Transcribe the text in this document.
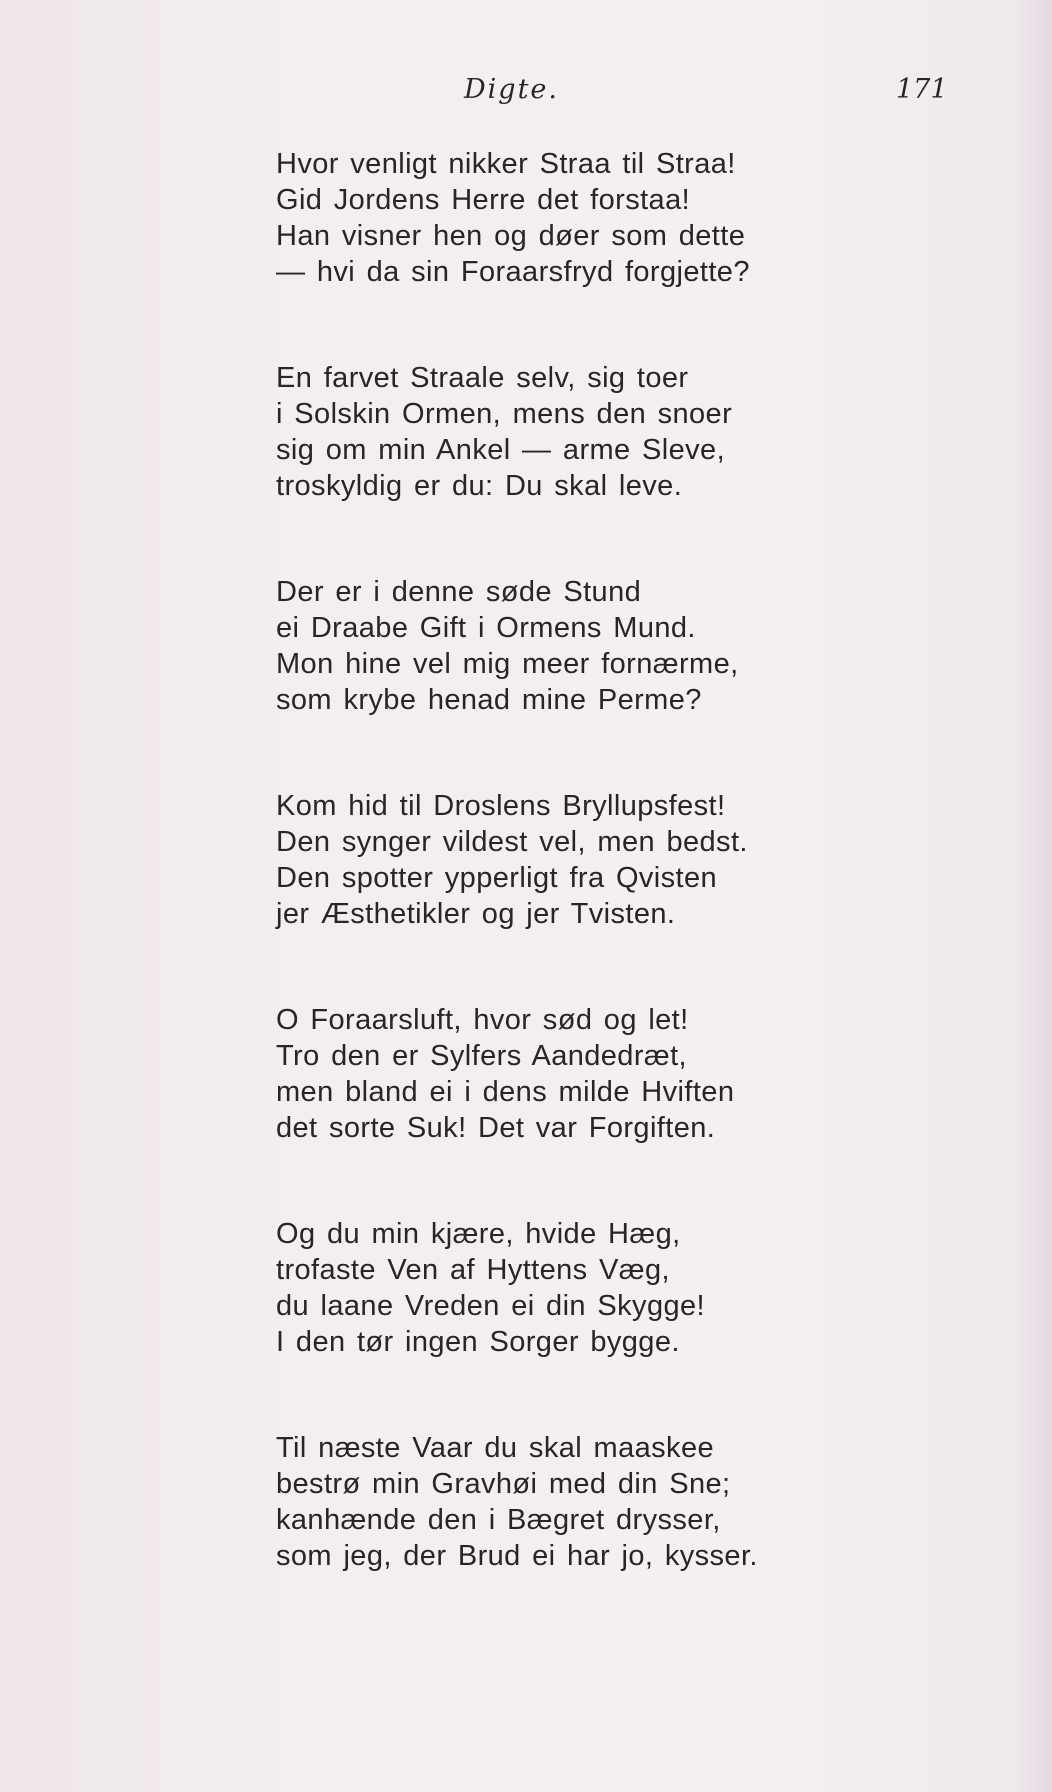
Digte.	171
Hvor venligt nikker Straa til Straa!
Gid Jordens Herre det forstaa!
Han visner hen og døer som dette
— hvi da sin Foraarsfryd forgjette?
En farvet Straale selv, sig toer
i Solskin Ormen, mens den snoer
sig om min Ankel — arme Sleve,
troskyldig er du: Du skal leve.
Der er i denne søde Stund
ei Draabe Gift i Ormens Mund.
Mon hine vel mig meer fornærme,
som krybe henad mine Perme?
Kom hid til Droslens Bryllupsfest!
Den synger vildest vel, men bedst.
Den spotter ypperligt fra Qvisten
jer Æsthetikler og jer Tvisten.
O Foraarsluft, hvor sød og let!
Tro den er Sylfers Aandedræt,
men bland ei i dens milde Hviften
det sorte Suk! Det var Forgiften.
Og du min kjære, hvide Hæg,
trofaste Ven af Hyttens Væg,
du laane Vreden ei din Skygge!
I den tør ingen Sorger bygge.
Til næste Vaar du skal maaskee
bestrø min Gravhøi med din Sne;
kanhænde den i Bægret drysser,
som jeg, der Brud ei har jo, kysser.
